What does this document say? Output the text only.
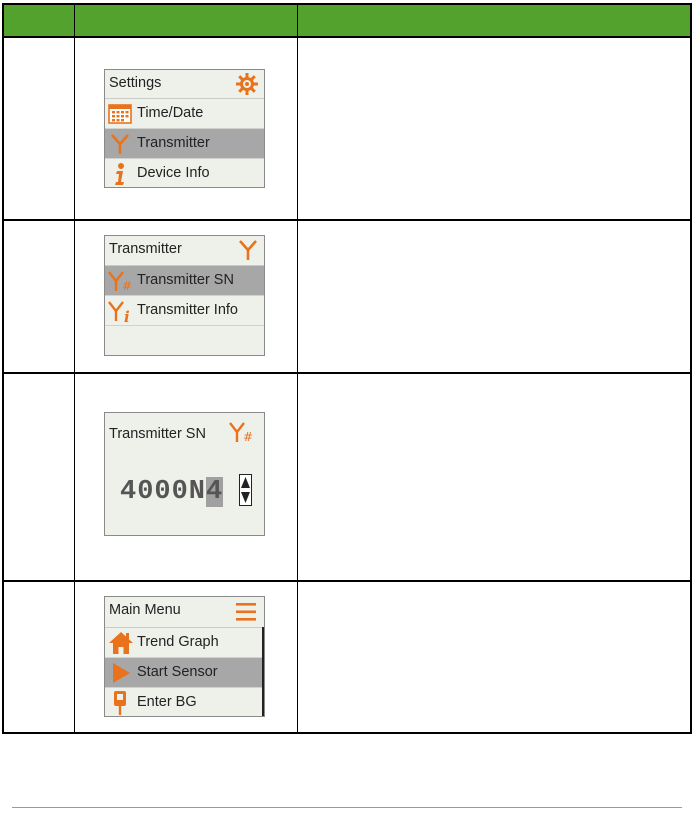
Settings
Time/Date
Transmitter
Device Info
Transmitter
# Transmitter SN
i Transmitter Info
Transmitter SN	#
4000N4
Main Menu
Trend Graph
Start Sensor
Enter BG
